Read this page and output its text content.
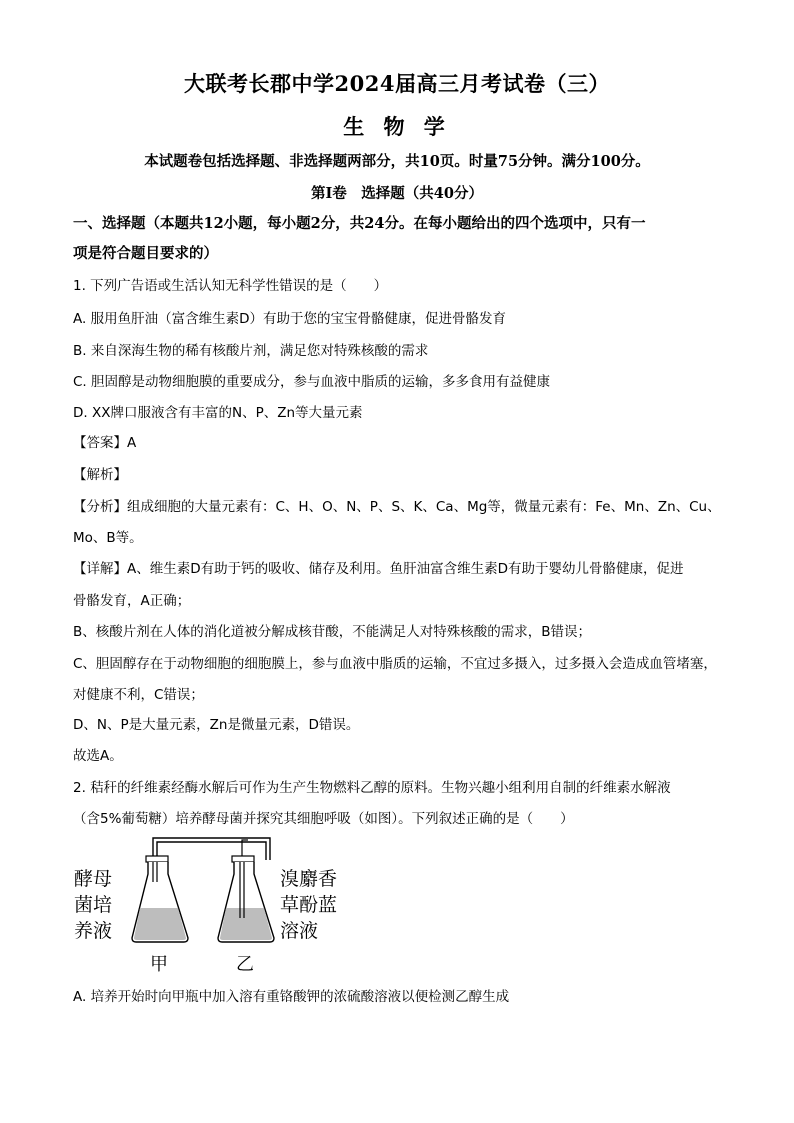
大联考长郡中学2024届高三月考试卷（三）
生 物 学
本试题卷包括选择题、非选择题两部分，共10页。时量75分钟。满分100分。
第Ⅰ卷　选择题（共40分）
一、选择题（本题共12小题，每小题2分，共24分。在每小题给出的四个选项中，只有一
项是符合题目要求的）
1. 下列广告语或生活认知无科学性错误的是（　　）
A. 服用鱼肝油（富含维生素D）有助于您的宝宝骨骼健康，促进骨骼发育
B. 来自深海生物的稀有核酸片剂，满足您对特殊核酸的需求
C. 胆固醇是动物细胞膜的重要成分，参与血液中脂质的运输，多多食用有益健康
D. XX牌口服液含有丰富的N、P、Zn等大量元素
【答案】A
【解析】
【分析】组成细胞的大量元素有：C、H、O、N、P、S、K、Ca、Mg等，微量元素有：Fe、Mn、Zn、Cu、
Mo、B等。
【详解】A、维生素D有助于钙的吸收、储存及利用。鱼肝油富含维生素D有助于婴幼儿骨骼健康，促进
骨骼发育，A正确；
B、核酸片剂在人体的消化道被分解成核苷酸，不能满足人对特殊核酸的需求，B错误；
C、胆固醇存在于动物细胞的细胞膜上，参与血液中脂质的运输，不宜过多摄入，过多摄入会造成血管堵塞，
对健康不利，C错误；
D、N、P是大量元素，Zn是微量元素，D错误。
故选A。
2. 秸秆的纤维素经酶水解后可作为生产生物燃料乙醇的原料。生物兴趣小组利用自制的纤维素水解液
（含5%葡萄糖）培养酵母菌并探究其细胞呼吸（如图）。下列叙述正确的是（　　）
酵母
菌培
养液
溴麝香
草酚蓝
溶液
甲	乙
A. 培养开始时向甲瓶中加入溶有重铬酸钾的浓硫酸溶液以便检测乙醇生成
